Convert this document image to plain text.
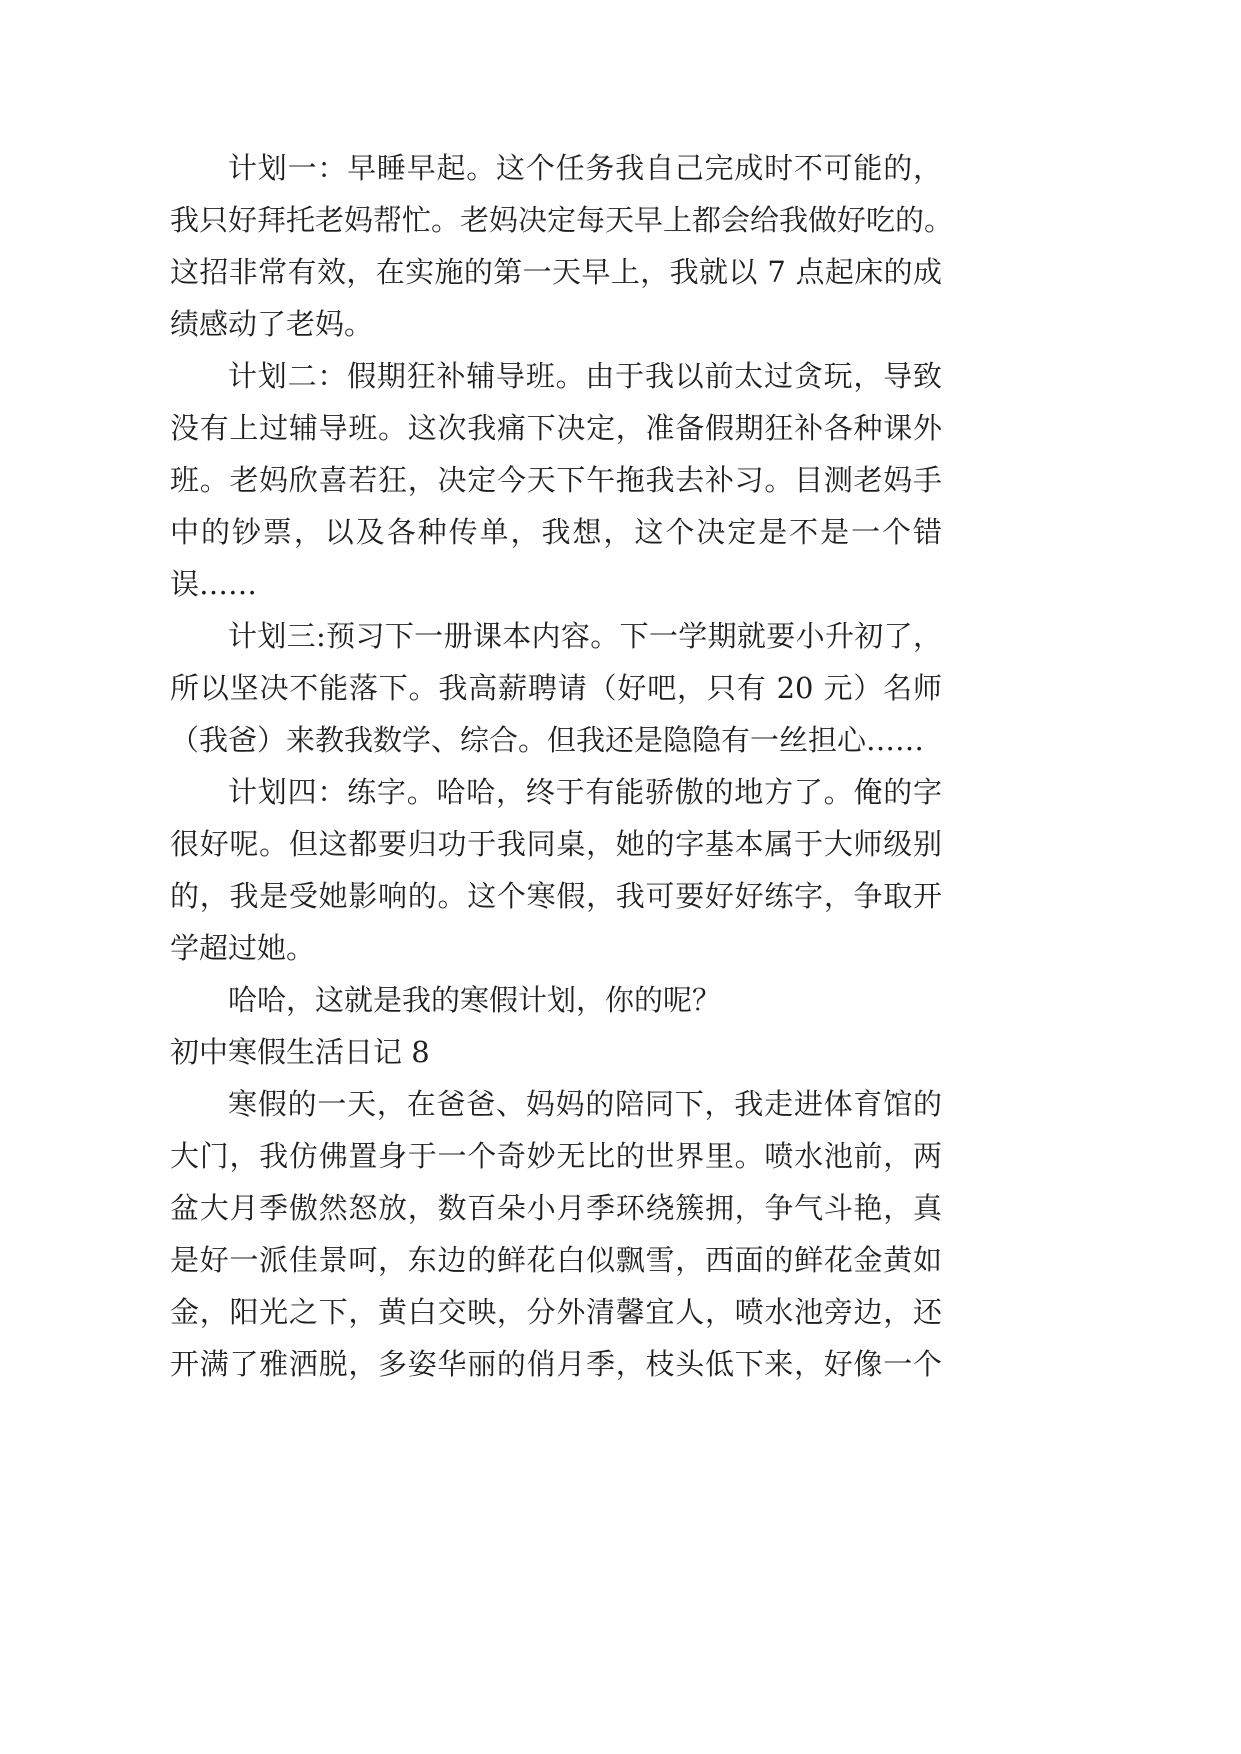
计划一：早睡早起。这个任务我自己完成时不可能的，
我只好拜托老妈帮忙。老妈决定每天早上都会给我做好吃的。
这招非常有效，在实施的第一天早上，我就以 7 点起床的成
绩感动了老妈。
计划二：假期狂补辅导班。由于我以前太过贪玩，导致
没有上过辅导班。这次我痛下决定，准备假期狂补各种课外
班。老妈欣喜若狂，决定今天下午拖我去补习。目测老妈手
中的钞票，以及各种传单，我想，这个决定是不是一个错
误……
计划三:预习下一册课本内容。下一学期就要小升初了，
所以坚决不能落下。我高薪聘请（好吧，只有 20 元）名师
（我爸）来教我数学、综合。但我还是隐隐有一丝担心……
计划四：练字。哈哈，终于有能骄傲的地方了。俺的字
很好呢。但这都要归功于我同桌，她的字基本属于大师级别
的，我是受她影响的。这个寒假，我可要好好练字，争取开
学超过她。
哈哈，这就是我的寒假计划，你的呢？
初中寒假生活日记 8
寒假的一天，在爸爸、妈妈的陪同下，我走进体育馆的
大门，我仿佛置身于一个奇妙无比的世界里。喷水池前，两
盆大月季傲然怒放，数百朵小月季环绕簇拥，争气斗艳，真
是好一派佳景呵，东边的鲜花白似飘雪，西面的鲜花金黄如
金，阳光之下，黄白交映，分外清馨宜人，喷水池旁边，还
开满了雅洒脱，多姿华丽的俏月季，枝头低下来，好像一个
